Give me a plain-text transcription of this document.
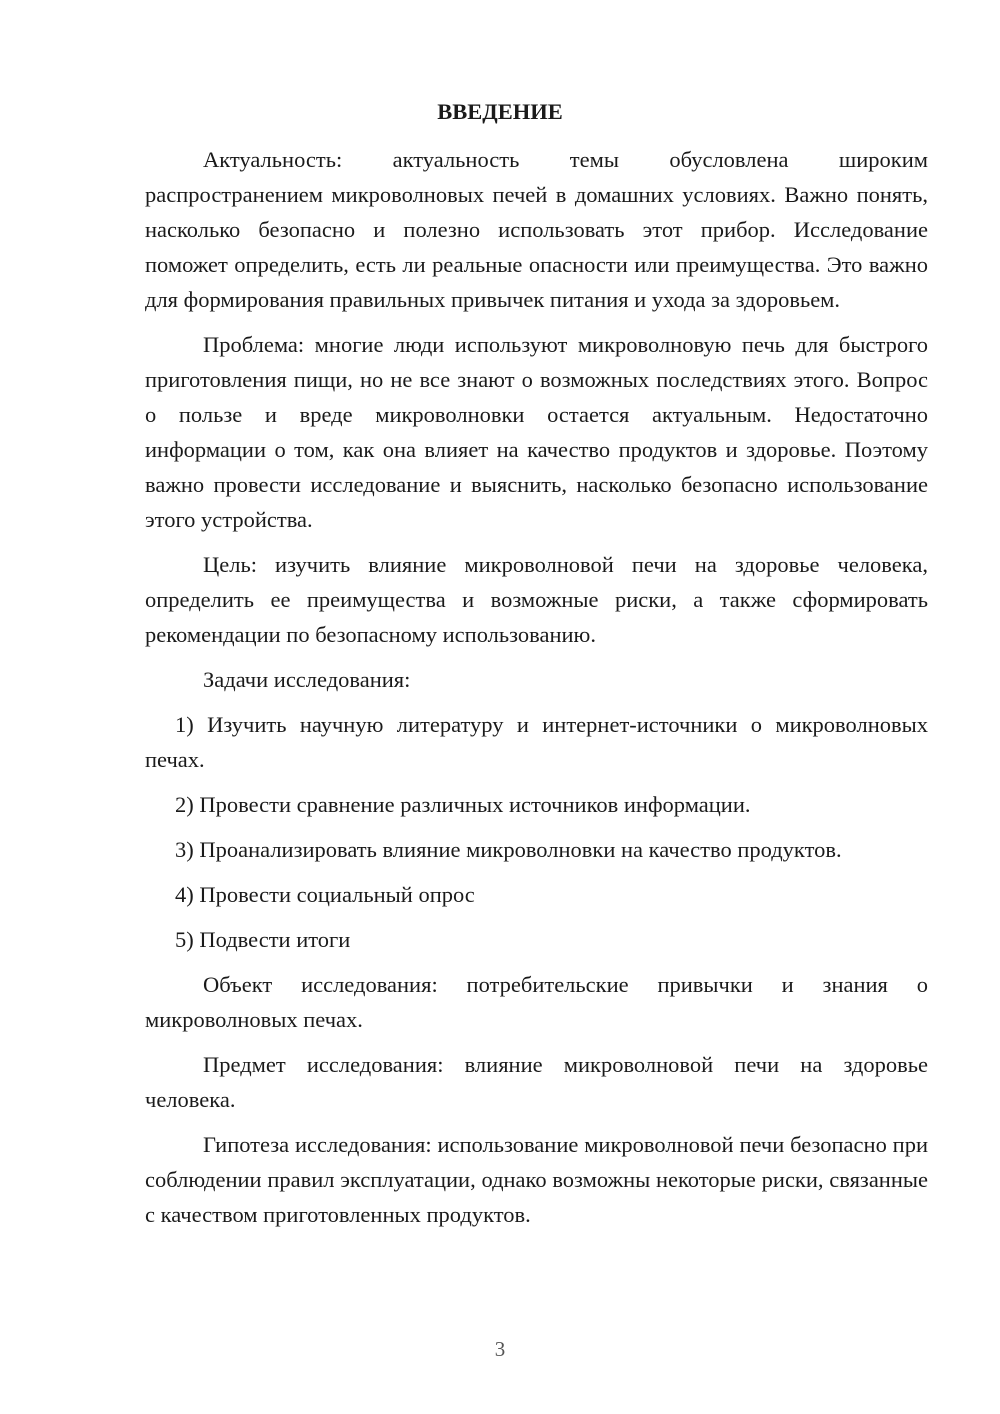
ВВЕДЕНИЕ

Актуальность: актуальность темы обусловлена широким распространением микроволновых печей в домашних условиях. Важно понять, насколько безопасно и полезно использовать этот прибор. Исследование поможет определить, есть ли реальные опасности или преимущества. Это важно для формирования правильных привычек питания и ухода за здоровьем.

Проблема: многие люди используют микроволновую печь для быстрого приготовления пищи, но не все знают о возможных последствиях этого. Вопрос о пользе и вреде микроволновки остается актуальным. Недостаточно информации о том, как она влияет на качество продуктов и здоровье. Поэтому важно провести исследование и выяснить, насколько безопасно использование этого устройства.

Цель: изучить влияние микроволновой печи на здоровье человека, определить ее преимущества и возможные риски, а также сформировать рекомендации по безопасному использованию.

Задачи исследования:

1) Изучить научную литературу и интернет-источники о микроволновых печах.

2) Провести сравнение различных источников информации.

3) Проанализировать влияние микроволновки на качество продуктов.

4) Провести социальный опрос

5) Подвести итоги

Объект исследования: потребительские привычки и знания о микроволновых печах.

Предмет исследования: влияние микроволновой печи на здоровье человека.

Гипотеза исследования: использование микроволновой печи безопасно при соблюдении правил эксплуатации, однако возможны некоторые риски, связанные с качеством приготовленных продуктов.

3
